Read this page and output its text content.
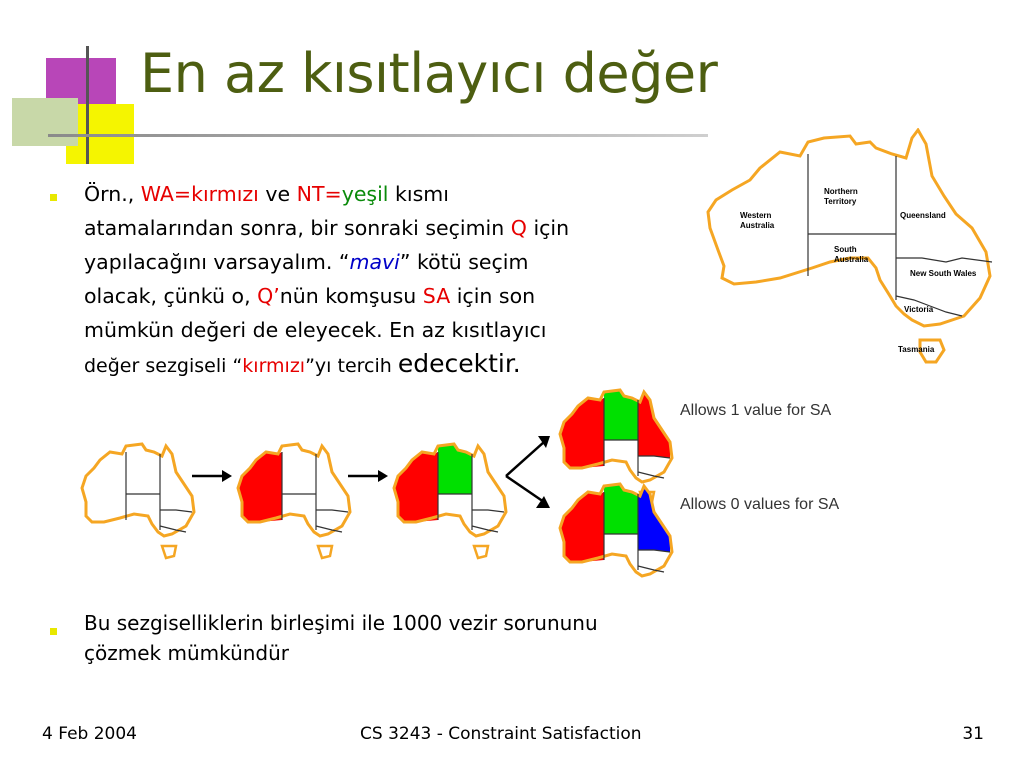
En az kısıtlayıcı değer
Örn., WA=kırmızı ve NT=yeşil kısmı
atamalarından sonra, bir sonraki seçimin Q için
yapılacağını varsayalım. “mavi” kötü seçim
olacak, çünkü o, Q’nün komşusu SA için son
mümkün değeri de eleyecek. En az kısıtlayıcı
değer sezgiseli “kırmızı”yı tercih edecektir.
Western
Australia
Northern
Territory
Queensland
South
Australia
New South Wales
Victoria
Tasmania
Allows 1 value for SA
Allows 0 values for SA
Bu sezgiselliklerin birleşimi ile 1000 vezir sorununu
çözmek mümkündür
4 Feb 2004	CS 3243 - Constraint Satisfaction	31
